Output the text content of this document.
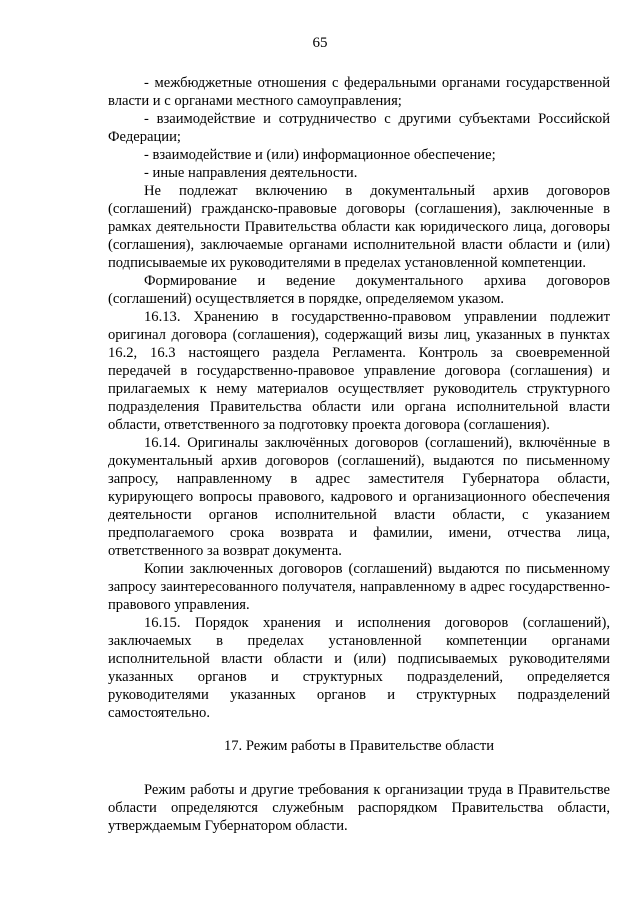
65

- межбюджетные отношения с федеральными органами государственной власти и с органами местного самоуправления;

- взаимодействие и сотрудничество с другими субъектами Российской Федерации;

- взаимодействие и (или) информационное обеспечение;

- иные направления деятельности.

Не подлежат включению в документальный архив договоров (соглашений) гражданско-правовые договоры (соглашения), заключенные в рамках деятельности Правительства области как юридического лица, договоры (соглашения), заключаемые органами исполнительной власти области и (или) подписываемые их руководителями в пределах установленной компетенции.

Формирование и ведение документального архива договоров (соглашений) осуществляется в порядке, определяемом указом.

16.13. Хранению в государственно-правовом управлении подлежит оригинал договора (соглашения), содержащий визы лиц, указанных в пунктах 16.2, 16.3 настоящего раздела Регламента. Контроль за своевременной передачей в государственно-правовое управление договора (соглашения) и прилагаемых к нему материалов осуществляет руководитель структурного подразделения Правительства области или органа исполнительной власти области, ответственного за подготовку проекта договора (соглашения).

16.14. Оригиналы заключённых договоров (соглашений), включённые в документальный архив договоров (соглашений), выдаются по письменному запросу, направленному в адрес заместителя Губернатора области, курирующего вопросы правового, кадрового и организационного обеспечения деятельности органов исполнительной власти области, с указанием предполагаемого срока возврата и фамилии, имени, отчества лица, ответственного за возврат документа.

Копии заключенных договоров (соглашений) выдаются по письменному запросу заинтересованного получателя, направленному в адрес государственно-правового управления.

16.15. Порядок хранения и исполнения договоров (соглашений), заключаемых в пределах установленной компетенции органами исполнительной власти области и (или) подписываемых руководителями указанных органов и структурных подразделений, определяется руководителями указанных органов и структурных подразделений самостоятельно.

17. Режим работы в Правительстве области

Режим работы и другие требования к организации труда в Правительстве области определяются служебным распорядком Правительства области, утверждаемым Губернатором области.
